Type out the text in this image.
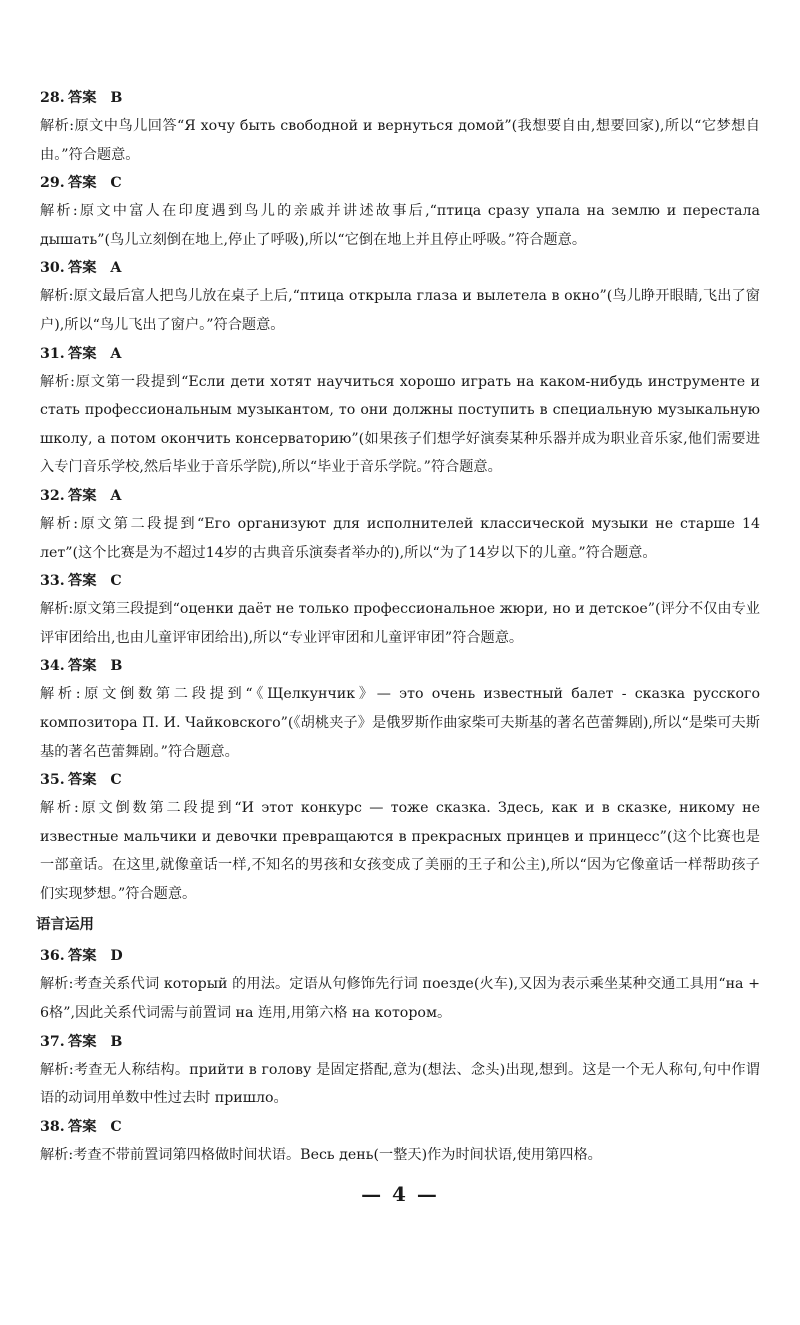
28. 答案 B

解析:原文中鸟儿回答“Я хочу быть свободной и вернуться домой”(我想要自由,想要回家),所以“它梦想自由。”符合题意。

29. 答案 C

解析:原文中富人在印度遇到鸟儿的亲戚并讲述故事后,“птица сразу упала на землю и перестала дышать”(鸟儿立刻倒在地上,停止了呼吸),所以“它倒在地上并且停止呼吸。”符合题意。

30. 答案 A

解析:原文最后富人把鸟儿放在桌子上后,“птица открыла глаза и вылетела в окно”(鸟儿睁开眼睛,飞出了窗户),所以“鸟儿飞出了窗户。”符合题意。

31. 答案 A

解析:原文第一段提到“Если дети хотят научиться хорошо играть на каком-нибудь инструменте и стать профессиональным музыкантом, то они должны поступить в специальную музыкальную школу, а потом окончить консерваторию”(如果孩子们想学好演奏某种乐器并成为职业音乐家,他们需要进入专门音乐学校,然后毕业于音乐学院),所以“毕业于音乐学院。”符合题意。

32. 答案 A

解析:原文第二段提到“Его организуют для исполнителей классической музыки не старше 14 лет”(这个比赛是为不超过14岁的古典音乐演奏者举办的),所以“为了14岁以下的儿童。”符合题意。

33. 答案 C

解析:原文第三段提到“оценки даёт не только профессиональное жюри, но и детское”(评分不仅由专业评审团给出,也由儿童评审团给出),所以“专业评审团和儿童评审团”符合题意。

34. 答案 B

解析:原文倒数第二段提到“《Щелкунчик》— это очень известный балет - сказка русского композитора П. И. Чайковского”(《胡桃夹子》是俄罗斯作曲家柴可夫斯基的著名芭蕾舞剧),所以“是柴可夫斯基的著名芭蕾舞剧。”符合题意。

35. 答案 C

解析:原文倒数第二段提到“И этот конкурс — тоже сказка. Здесь, как и в сказке, никому не известные мальчики и девочки превращаются в прекрасных принцев и принцесс”(这个比赛也是一部童话。在这里,就像童话一样,不知名的男孩和女孩变成了美丽的王子和公主),所以“因为它像童话一样帮助孩子们实现梦想。”符合题意。

语言运用
36. 答案 D

解析:考查关系代词 который 的用法。定语从句修饰先行词 поезде(火车),又因为表示乘坐某种交通工具用“на + 6格”,因此关系代词需与前置词 на 连用,用第六格 на котором。

37. 答案 B

解析:考查无人称结构。прийти в голову 是固定搭配,意为(想法、念头)出现,想到。这是一个无人称句,句中作谓语的动词用单数中性过去时 пришло。

38. 答案 C

解析:考查不带前置词第四格做时间状语。Весь день(一整天)作为时间状语,使用第四格。

— 4 —
